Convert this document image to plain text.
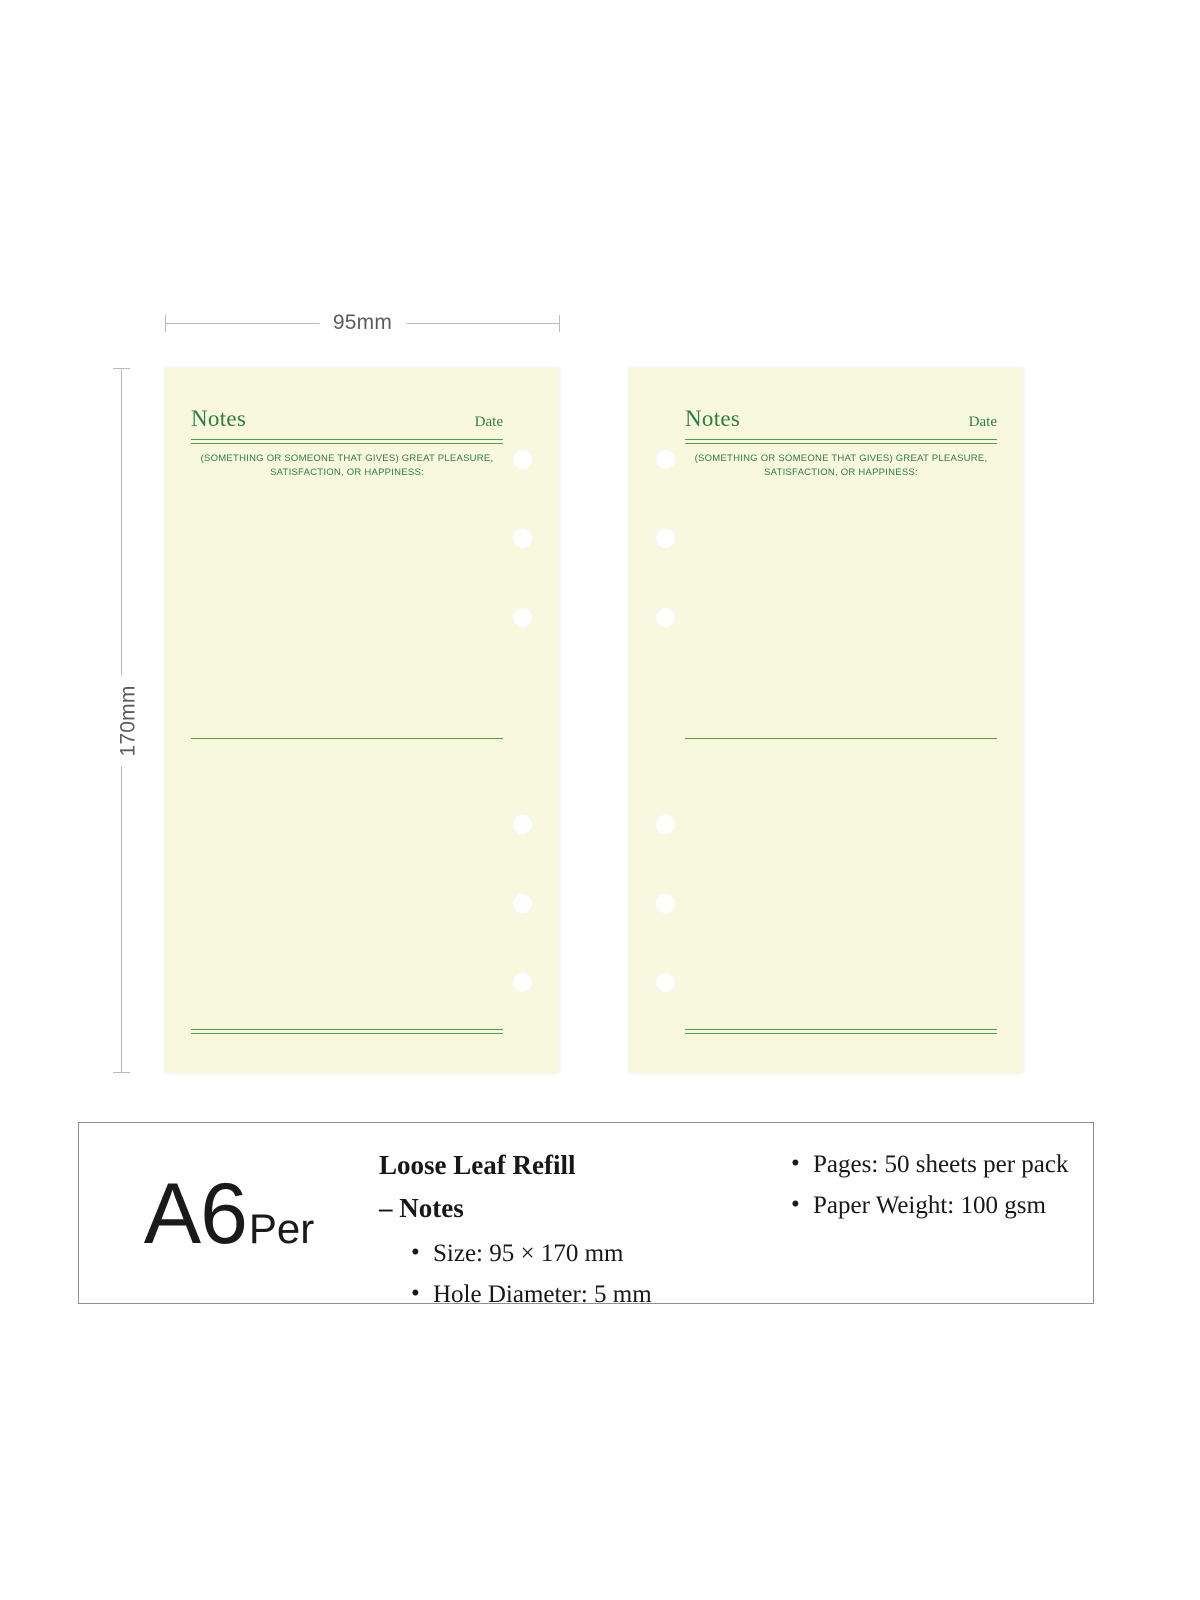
95mm
170mm
Notes	Date
(SOMETHING OR SOMEONE THAT GIVES) GREAT PLEASURE,
SATISFACTION, OR HAPPINESS:
Notes	Date
(SOMETHING OR SOMEONE THAT GIVES) GREAT PLEASURE,
SATISFACTION, OR HAPPINESS:
A6 Per
Loose Leaf Refill
– Notes
• Size: 95 × 170 mm
• Hole Diameter: 5 mm
• Pages: 50 sheets per pack
• Paper Weight: 100 gsm
